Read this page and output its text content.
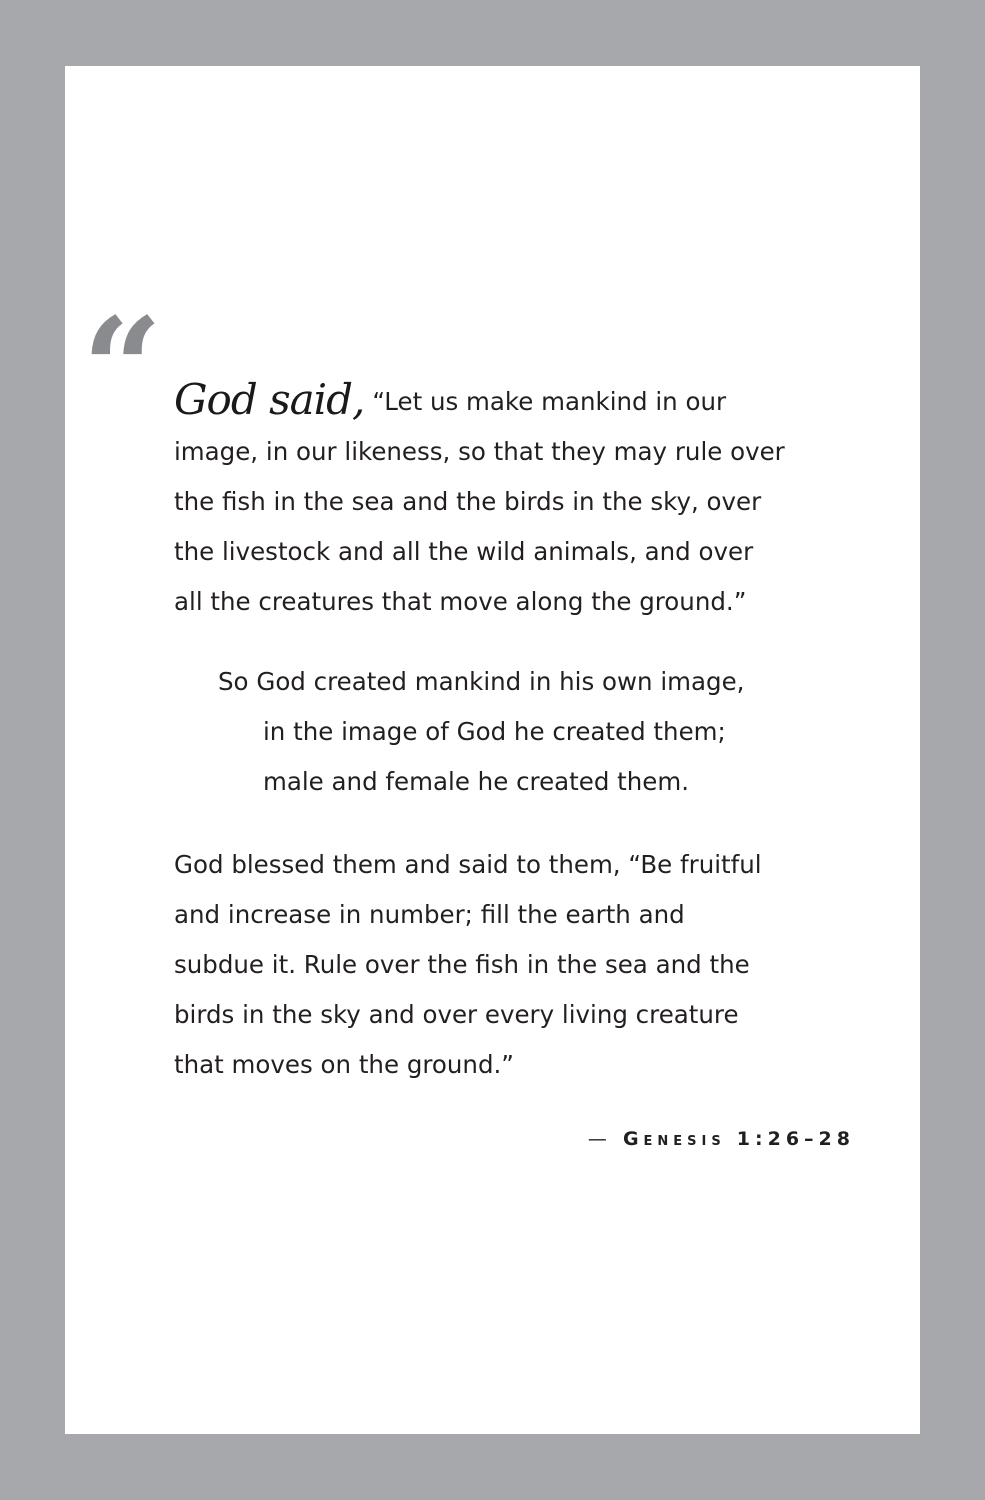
“ God said, “Let us make mankind in our
image, in our likeness, so that they may rule over
the fish in the sea and the birds in the sky, over
the livestock and all the wild animals, and over
all the creatures that move along the ground.”
So God created mankind in his own image,
in the image of God he created them;
male and female he created them.
God blessed them and said to them, “Be fruitful
and increase in number; fill the earth and
subdue it. Rule over the fish in the sea and the
birds in the sky and over every living creature
that moves on the ground.”
— Genesis 1:26–28
